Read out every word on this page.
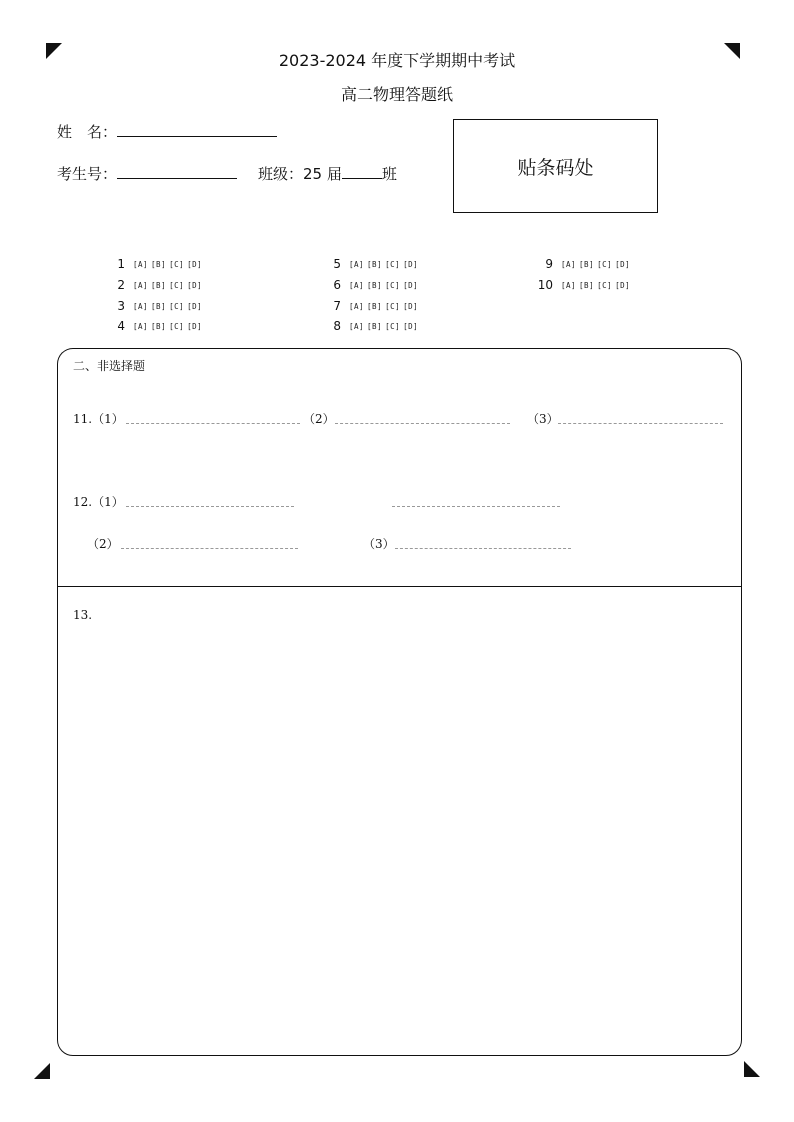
2023-2024 年度下学期期中考试
高二物理答题纸
姓　名：
考生号：	班级：25 届	班	贴条码处
1 [A] [B] [C] [D]
2 [A] [B] [C] [D]
3 [A] [B] [C] [D]
4 [A] [B] [C] [D]
5 [A] [B] [C] [D]
6 [A] [B] [C] [D]
7 [A] [B] [C] [D]
8 [A] [B] [C] [D]
9 [A] [B] [C] [D]
10 [A] [B] [C] [D]
二、非选择题
11.（1）	（2）	（3）
12.（1）
（2）	（3）
13.
